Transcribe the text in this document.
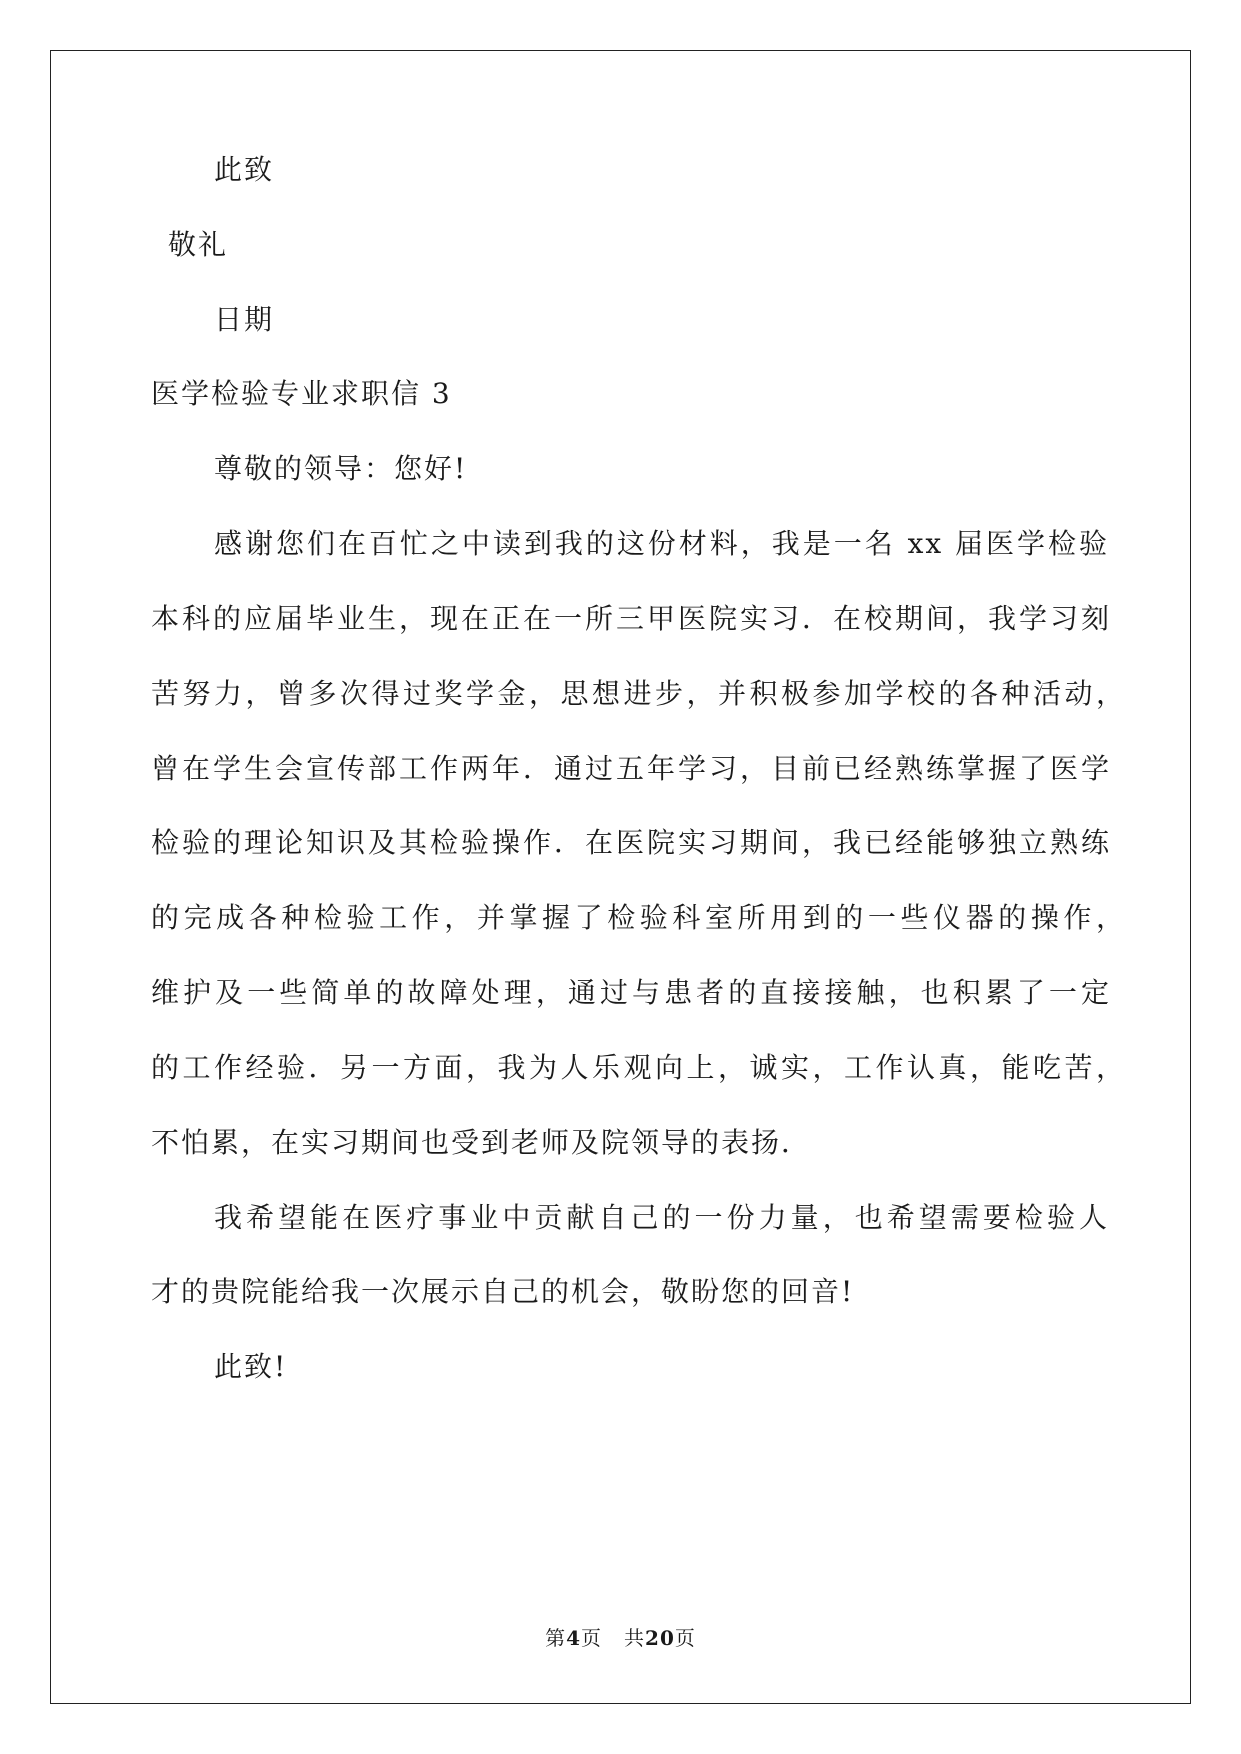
此致
敬礼
日期
医学检验专业求职信 3
尊敬的领导：您好!
感谢您们在百忙之中读到我的这份材料，我是一名 xx 届医学检验
本科的应届毕业生，现在正在一所三甲医院实习．在校期间，我学习刻
苦努力，曾多次得过奖学金，思想进步，并积极参加学校的各种活动，
曾在学生会宣传部工作两年．通过五年学习，目前已经熟练掌握了医学
检验的理论知识及其检验操作．在医院实习期间，我已经能够独立熟练
的完成各种检验工作，并掌握了检验科室所用到的一些仪器的操作，
维护及一些简单的故障处理，通过与患者的直接接触，也积累了一定
的工作经验．另一方面，我为人乐观向上，诚实，工作认真，能吃苦，
不怕累，在实习期间也受到老师及院领导的表扬．
我希望能在医疗事业中贡献自己的一份力量，也希望需要检验人
才的贵院能给我一次展示自己的机会，敬盼您的回音!
此致!
第4页 共20页
